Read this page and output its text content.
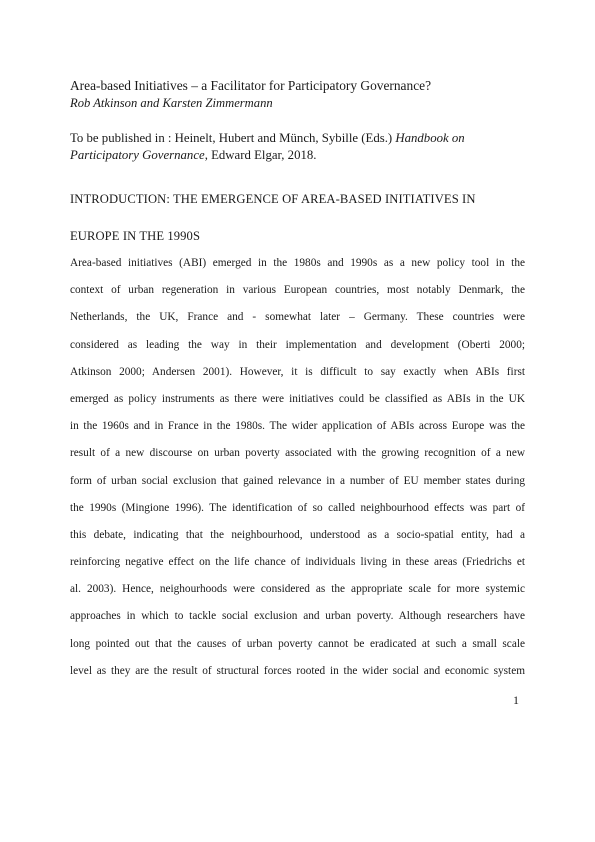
Area-based Initiatives – a Facilitator for Participatory Governance?
Rob Atkinson and Karsten Zimmermann
To be published in : Heinelt, Hubert and Münch, Sybille (Eds.) Handbook on
Participatory Governance, Edward Elgar, 2018.
INTRODUCTION: THE EMERGENCE OF AREA-BASED INITIATIVES IN
EUROPE IN THE 1990S
Area-based initiatives (ABI) emerged in the 1980s and 1990s as a new policy tool in the
context of urban regeneration in various European countries, most notably Denmark, the
Netherlands, the UK, France and - somewhat later – Germany. These countries were
considered as leading the way in their implementation and development (Oberti 2000;
Atkinson 2000; Andersen 2001). However, it is difficult to say exactly when ABIs first
emerged as policy instruments as there were initiatives could be classified as ABIs in the UK
in the 1960s and in France in the 1980s. The wider application of ABIs across Europe was the
result of a new discourse on urban poverty associated with the growing recognition of a new
form of urban social exclusion that gained relevance in a number of EU member states during
the 1990s (Mingione 1996). The identification of so called neighbourhood effects was part of
this debate, indicating that the neighbourhood, understood as a socio-spatial entity, had a
reinforcing negative effect on the life chance of individuals living in these areas (Friedrichs et
al. 2003). Hence, neighourhoods were considered as the appropriate scale for more systemic
approaches in which to tackle social exclusion and urban poverty. Although researchers have
long pointed out that the causes of urban poverty cannot be eradicated at such a small scale
level as they are the result of structural forces rooted in the wider social and economic system
1
